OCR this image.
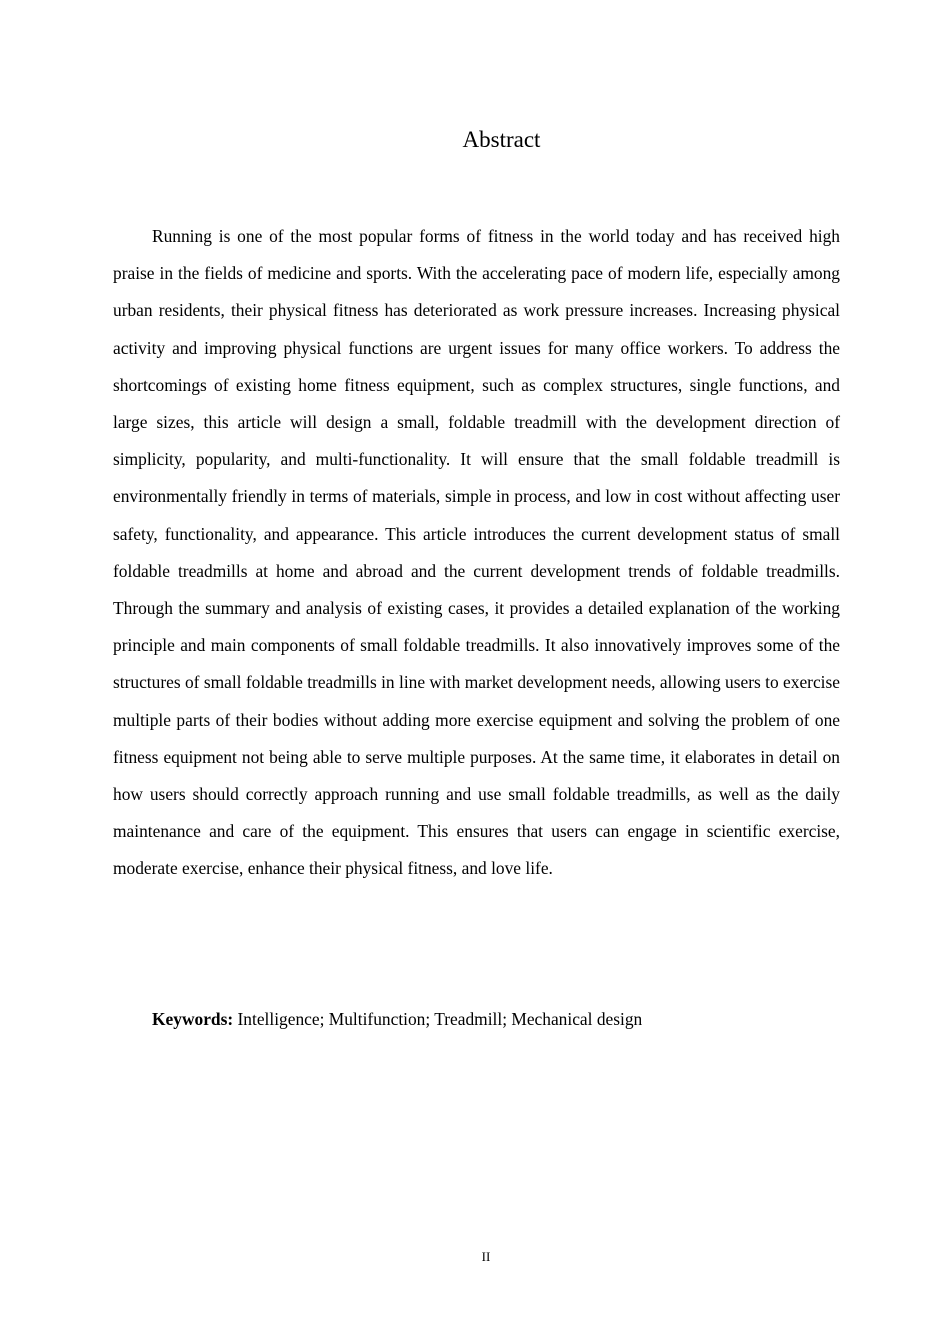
Abstract

Running is one of the most popular forms of fitness in the world today and has received high praise in the fields of medicine and sports. With the accelerating pace of modern life, especially among urban residents, their physical fitness has deteriorated as work pressure increases. Increasing physical activity and improving physical functions are urgent issues for many office workers. To address the shortcomings of existing home fitness equipment, such as complex structures, single functions, and large sizes, this article will design a small, foldable treadmill with the development direction of simplicity, popularity, and multi-functionality. It will ensure that the small foldable treadmill is environmentally friendly in terms of materials, simple in process, and low in cost without affecting user safety, functionality, and appearance. This article introduces the current development status of small foldable treadmills at home and abroad and the current development trends of foldable treadmills. Through the summary and analysis of existing cases, it provides a detailed explanation of the working principle and main components of small foldable treadmills. It also innovatively improves some of the structures of small foldable treadmills in line with market development needs, allowing users to exercise multiple parts of their bodies without adding more exercise equipment and solving the problem of one fitness equipment not being able to serve multiple purposes. At the same time, it elaborates in detail on how users should correctly approach running and use small foldable treadmills, as well as the daily maintenance and care of the equipment. This ensures that users can engage in scientific exercise, moderate exercise, enhance their physical fitness, and love life.

Keywords: Intelligence; Multifunction; Treadmill; Mechanical design

II
